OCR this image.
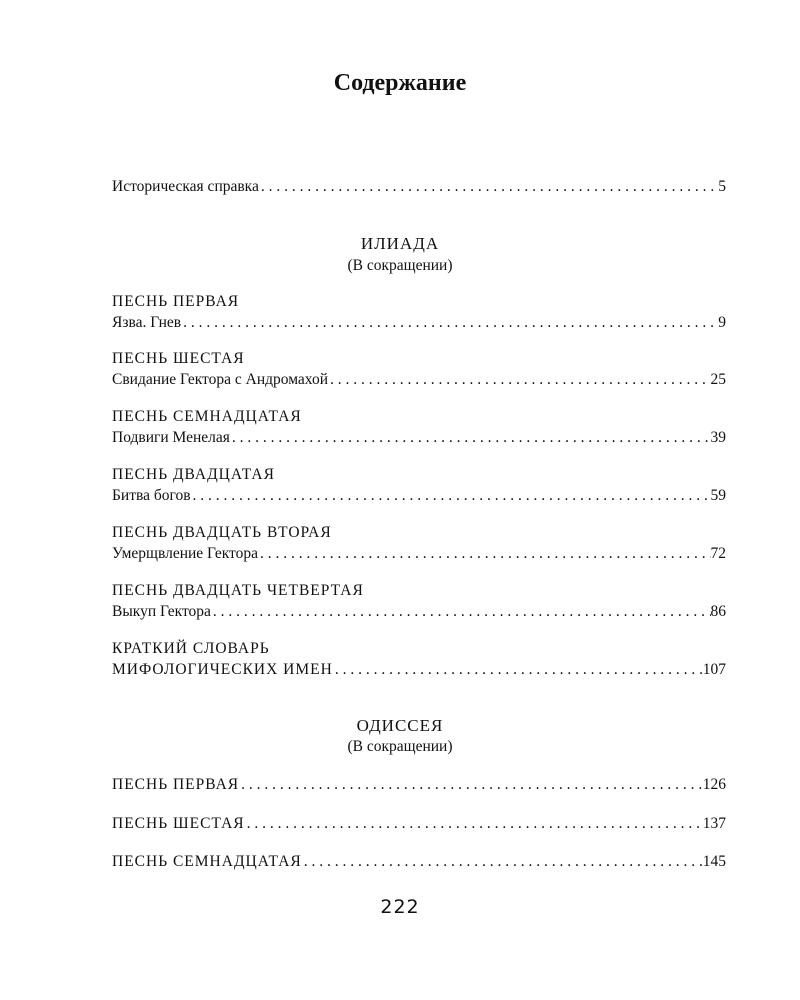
Содержание
Историческая справка . . .	5
ИЛИАДА
(В сокращении)
ПЕСНЬ ПЕРВАЯ
Язва. Гнев . . .	9
ПЕСНЬ ШЕСТАЯ
Свидание Гектора с Андромахой . . .	25
ПЕСНЬ СЕМНАДЦАТАЯ
Подвиги Менелая . . .	39
ПЕСНЬ ДВАДЦАТАЯ
Битва богов . . .	59
ПЕСНЬ ДВАДЦАТЬ ВТОРАЯ
Умерщвление Гектора . . .	72
ПЕСНЬ ДВАДЦАТЬ ЧЕТВЕРТАЯ
Выкуп Гектора . . .	86
КРАТКИЙ СЛОВАРЬ
МИФОЛОГИЧЕСКИХ ИМЕН . . .	107
ОДИССЕЯ
(В сокращении)
ПЕСНЬ ПЕРВАЯ . . .	126
ПЕСНЬ ШЕСТАЯ . . .	137
ПЕСНЬ СЕМНАДЦАТАЯ . . .	145
222
